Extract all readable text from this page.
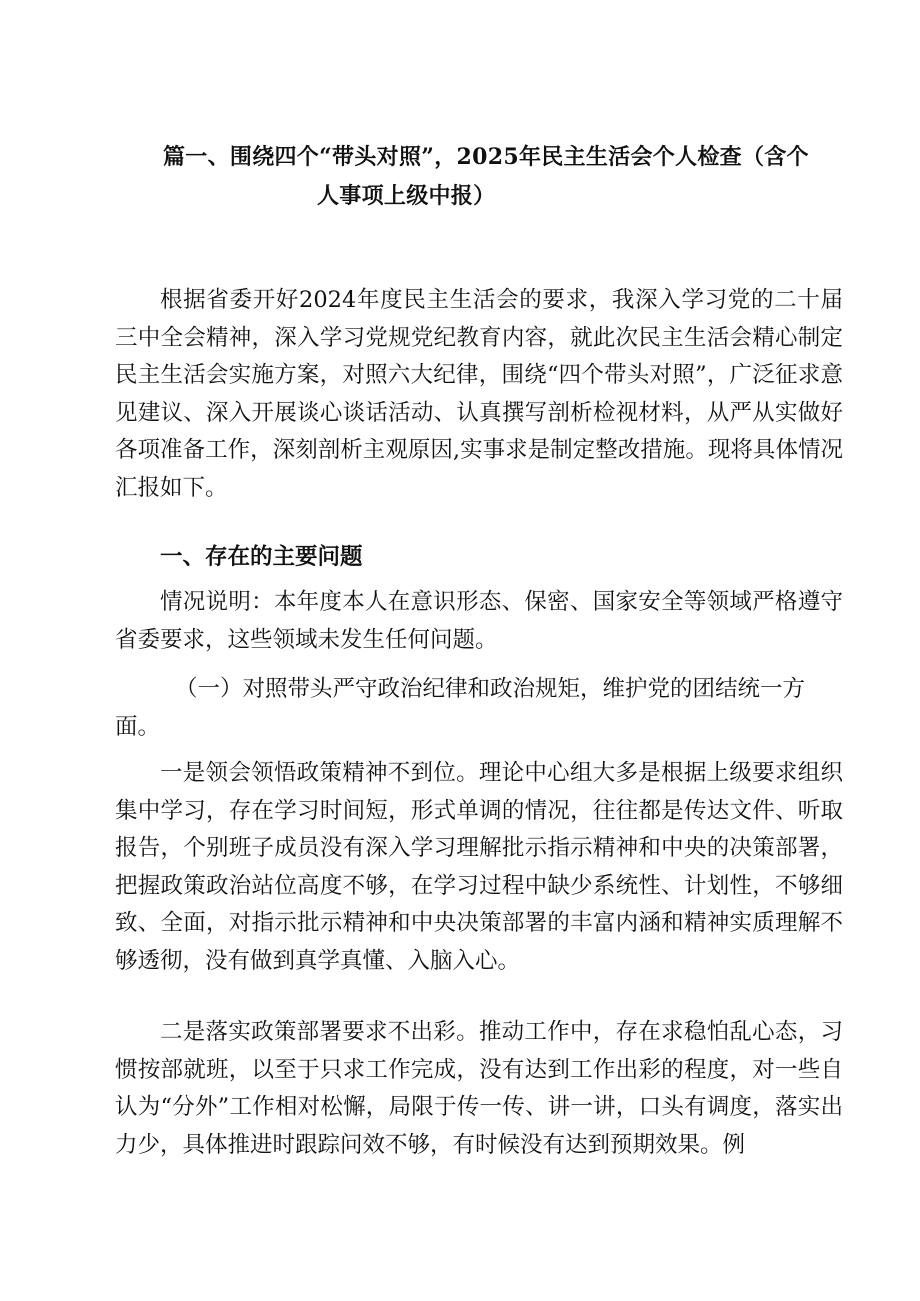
篇一、围绕四个“带头对照”，2025年民主生活会个人检查（含个
人事项上级中报）

根据省委开好2024年度民主生活会的要求，我深入学习党的二十届三中全会精神，深入学习党规党纪教育内容，就此次民主生活会精心制定民主生活会实施方案，对照六大纪律，围绕“四个带头对照”，广泛征求意见建议、深入开展谈心谈话活动、认真撰写剖析检视材料，从严从实做好各项准备工作，深刻剖析主观原因,实事求是制定整改措施。现将具体情况汇报如下。

一、存在的主要问题

情况说明：本年度本人在意识形态、保密、国家安全等领域严格遵守省委要求，这些领域未发生任何问题。

（一）对照带头严守政治纪律和政治规矩，维护党的团结统一方面。

一是领会领悟政策精神不到位。理论中心组大多是根据上级要求组织集中学习，存在学习时间短，形式单调的情况，往往都是传达文件、听取报告，个别班子成员没有深入学习理解批示指示精神和中央的决策部署，把握政策政治站位高度不够，在学习过程中缺少系统性、计划性，不够细致、全面，对指示批示精神和中央决策部署的丰富内涵和精神实质理解不够透彻，没有做到真学真懂、入脑入心。

二是落实政策部署要求不出彩。推动工作中，存在求稳怕乱心态，习惯按部就班，以至于只求工作完成，没有达到工作出彩的程度，对一些自认为“分外”工作相对松懈，局限于传一传、讲一讲，口头有调度，落实出力少，具体推进时跟踪问效不够，有时候没有达到预期效果。例
